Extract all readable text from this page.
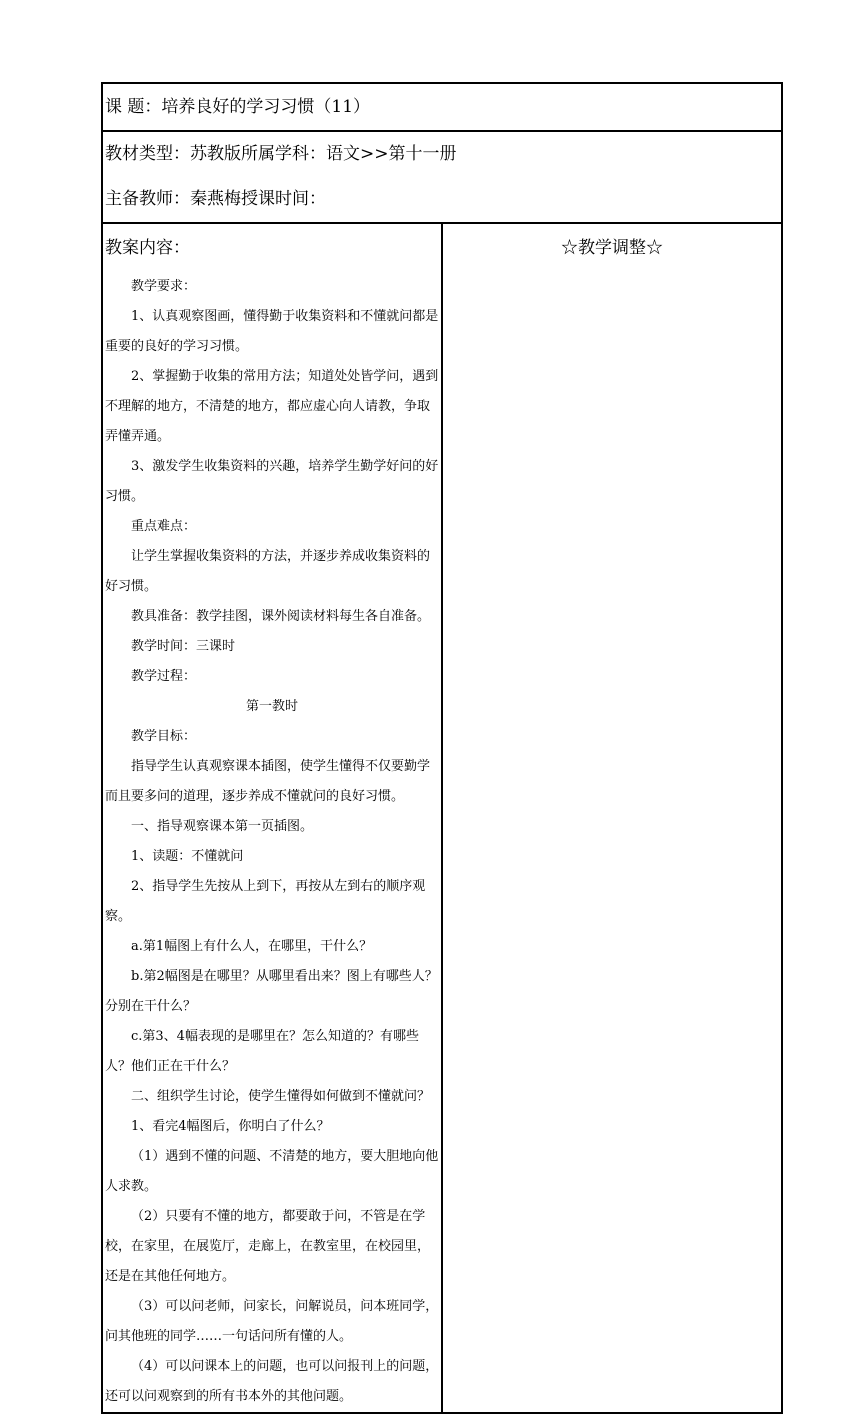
课 题：培养良好的学习习惯（11）

教材类型：苏教版所属学科：语文>>第十一册
主备教师：秦燕梅授课时间：

教案内容：

教学要求：

1、认真观察图画，懂得勤于收集资料和不懂就问都是重要的良好的学习习惯。

2、掌握勤于收集的常用方法；知道处处皆学问，遇到不理解的地方，不清楚的地方，都应虚心向人请教，争取弄懂弄通。

3、激发学生收集资料的兴趣，培养学生勤学好问的好习惯。

重点难点：

让学生掌握收集资料的方法，并逐步养成收集资料的好习惯。

教具准备：教学挂图，课外阅读材料每生各自准备。

教学时间：三课时

教学过程：

第一教时

教学目标：

指导学生认真观察课本插图，使学生懂得不仅要勤学而且要多问的道理，逐步养成不懂就问的良好习惯。

一、指导观察课本第一页插图。

1、读题：不懂就问

2、指导学生先按从上到下，再按从左到右的顺序观察。

a.第1幅图上有什么人，在哪里，干什么？

b.第2幅图是在哪里？从哪里看出来？图上有哪些人？分别在干什么？

c.第3、4幅表现的是哪里在？怎么知道的？有哪些人？他们正在干什么？

二、组织学生讨论，使学生懂得如何做到不懂就问？

1、看完4幅图后，你明白了什么？

（1）遇到不懂的问题、不清楚的地方，要大胆地向他人求教。

（2）只要有不懂的地方，都要敢于问，不管是在学校，在家里，在展览厅，走廊上，在教室里，在校园里，还是在其他任何地方。

（3）可以问老师，问家长，问解说员，问本班同学，问其他班的同学……一句话问所有懂的人。

（4）可以问课本上的问题，也可以问报刊上的问题，还可以问观察到的所有书本外的其他问题。

☆教学调整☆
